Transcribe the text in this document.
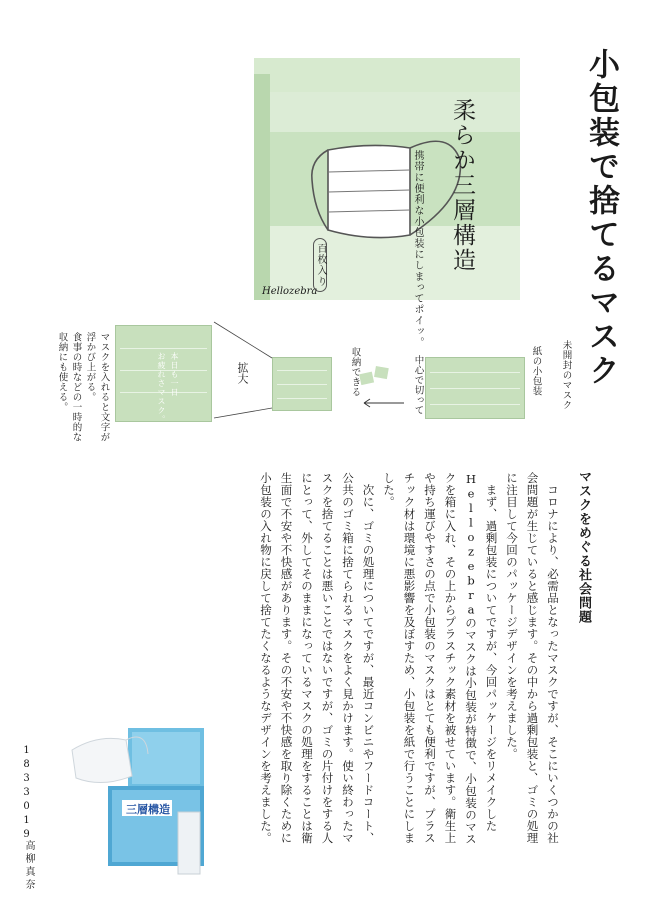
小包装で捨てるマスク
柔らか三層構造
携帯に便利な小包装にしまってポイッ。
百枚入り
Hellozebra
未開封のマスク
紙の小包装
中心で切って
収納できる
拡大
本日も一日
お疲れさマスク。
マスクを入れると文字が
浮かび上がる。
食事の時などの一時的な
収納にも使える。
マスクをめぐる社会問題

コロナにより、必需品となったマスクですが、そこにいくつかの社会問題が生じていると感じます。その中から過剰包装と、ゴミの処理に注目して今回のパッケージデザインを考えました。

まず、過剰包装についてですが、今回パッケージをリメイクしたHellozebraのマスクは小包装が特徴で、小包装のマスクを箱に入れ、その上からプラスチック素材を被せています。衛生上や持ち運びやすさの点で小包装のマスクはとても便利ですが、プラスチック材は環境に悪影響を及ぼすため、小包装を紙で行うことにしました。

次に、ゴミの処理についてですが、最近コンビニやフードコート、公共のゴミ箱に捨てられるマスクをよく見かけます。使い終わったマスクを捨てることは悪いことではないですが、ゴミの片付けをする人にとって、外してそのままになっているマスクの処理をすることは衛生面で不安や不快感があります。その不安や不快感を取り除くために小包装の入れ物に戻して捨てたくなるようなデザインを考えました。

三層構造
1833019
高柳真奈
